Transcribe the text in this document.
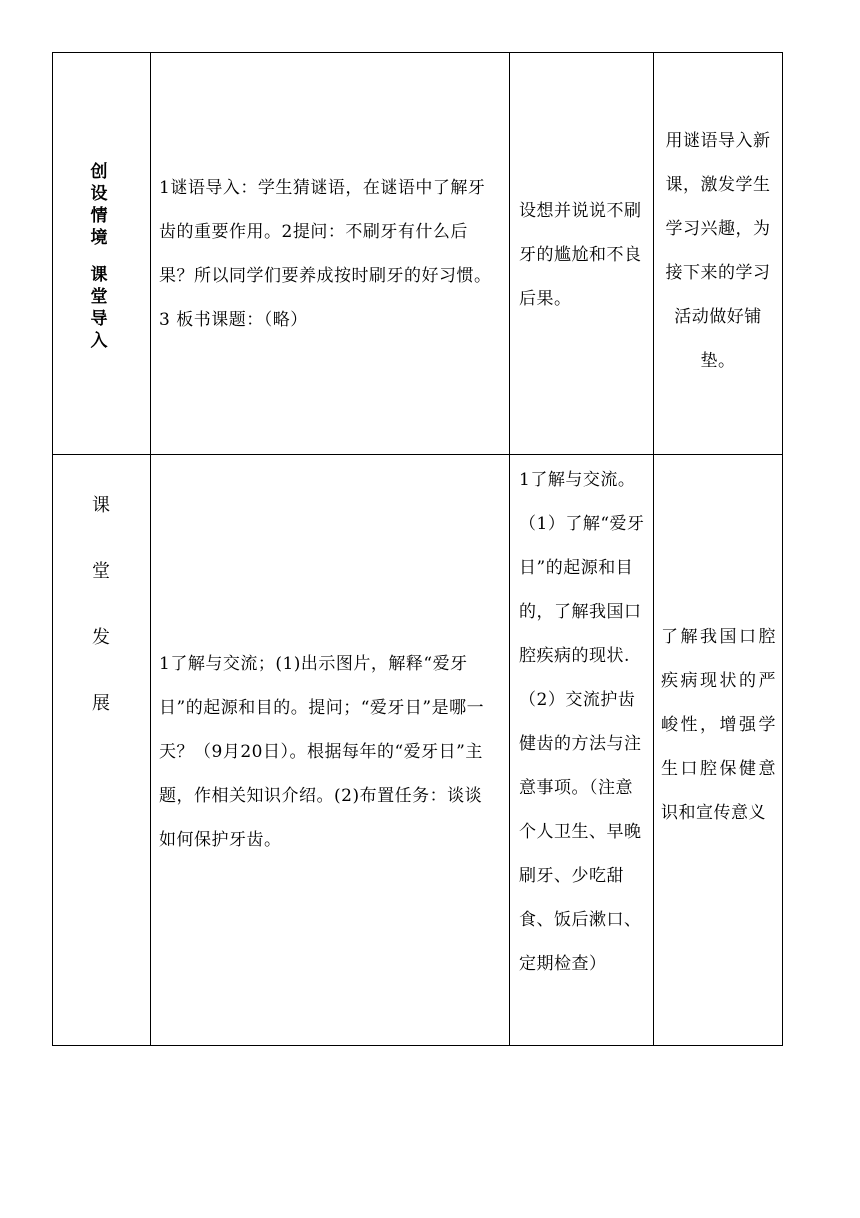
创设情境
课堂导入
1谜语导入：学生猜谜语，在谜语中了解牙齿的重要作用。2提问：不刷牙有什么后果？所以同学们要养成按时刷牙的好习惯。3 板书课题：（略）
设想并说说不刷牙的尴尬和不良后果。
用谜语导入新课，激发学生学习兴趣，为接下来的学习活动做好铺垫。
课
堂
发
展
1了解与交流；(1)出示图片，解释“爱牙日”的起源和目的。提问；“爱牙日”是哪一天？（9月20日）。根据每年的“爱牙日”主题，作相关知识介绍。(2)布置任务：谈谈如何保护牙齿。
1了解与交流。（1）了解“爱牙日”的起源和目的，了解我国口腔疾病的现状.（2）交流护齿健齿的方法与注意事项。（注意个人卫生、早晚刷牙、少吃甜食、饭后漱口、定期检查）
了解我国口腔疾病现状的严峻性，增强学生口腔保健意识和宣传意义
